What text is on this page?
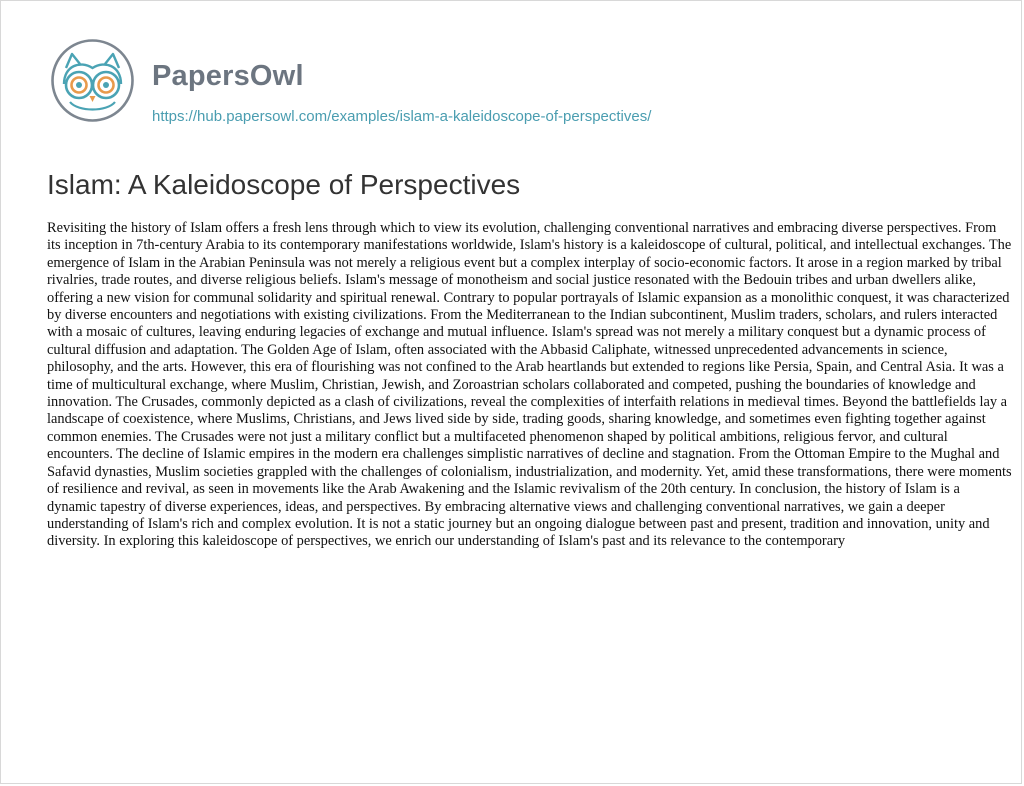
PapersOwl
https://hub.papersowl.com/examples/islam-a-kaleidoscope-of-perspectives/
Islam: A Kaleidoscope of Perspectives

Revisiting the history of Islam offers a fresh lens through which to view its evolution, challenging conventional narratives and embracing diverse perspectives. From its inception in 7th-century Arabia to its contemporary manifestations worldwide, Islam's history is a kaleidoscope of cultural, political, and intellectual exchanges. The emergence of Islam in the Arabian Peninsula was not merely a religious event but a complex interplay of socio-economic factors. It arose in a region marked by tribal rivalries, trade routes, and diverse religious beliefs. Islam's message of monotheism and social justice resonated with the Bedouin tribes and urban dwellers alike, offering a new vision for communal solidarity and spiritual renewal. Contrary to popular portrayals of Islamic expansion as a monolithic conquest, it was characterized by diverse encounters and negotiations with existing civilizations. From the Mediterranean to the Indian subcontinent, Muslim traders, scholars, and rulers interacted with a mosaic of cultures, leaving enduring legacies of exchange and mutual influence. Islam's spread was not merely a military conquest but a dynamic process of cultural diffusion and adaptation. The Golden Age of Islam, often associated with the Abbasid Caliphate, witnessed unprecedented advancements in science, philosophy, and the arts. However, this era of flourishing was not confined to the Arab heartlands but extended to regions like Persia, Spain, and Central Asia. It was a time of multicultural exchange, where Muslim, Christian, Jewish, and Zoroastrian scholars collaborated and competed, pushing the boundaries of knowledge and innovation. The Crusades, commonly depicted as a clash of civilizations, reveal the complexities of interfaith relations in medieval times. Beyond the battlefields lay a landscape of coexistence, where Muslims, Christians, and Jews lived side by side, trading goods, sharing knowledge, and sometimes even fighting together against common enemies. The Crusades were not just a military conflict but a multifaceted phenomenon shaped by political ambitions, religious fervor, and cultural encounters. The decline of Islamic empires in the modern era challenges simplistic narratives of decline and stagnation. From the Ottoman Empire to the Mughal and Safavid dynasties, Muslim societies grappled with the challenges of colonialism, industrialization, and modernity. Yet, amid these transformations, there were moments of resilience and revival, as seen in movements like the Arab Awakening and the Islamic revivalism of the 20th century. In conclusion, the history of Islam is a dynamic tapestry of diverse experiences, ideas, and perspectives. By embracing alternative views and challenging conventional narratives, we gain a deeper understanding of Islam's rich and complex evolution. It is not a static journey but an ongoing dialogue between past and present, tradition and innovation, unity and diversity. In exploring this kaleidoscope of perspectives, we enrich our understanding of Islam's past and its relevance to the contemporary
